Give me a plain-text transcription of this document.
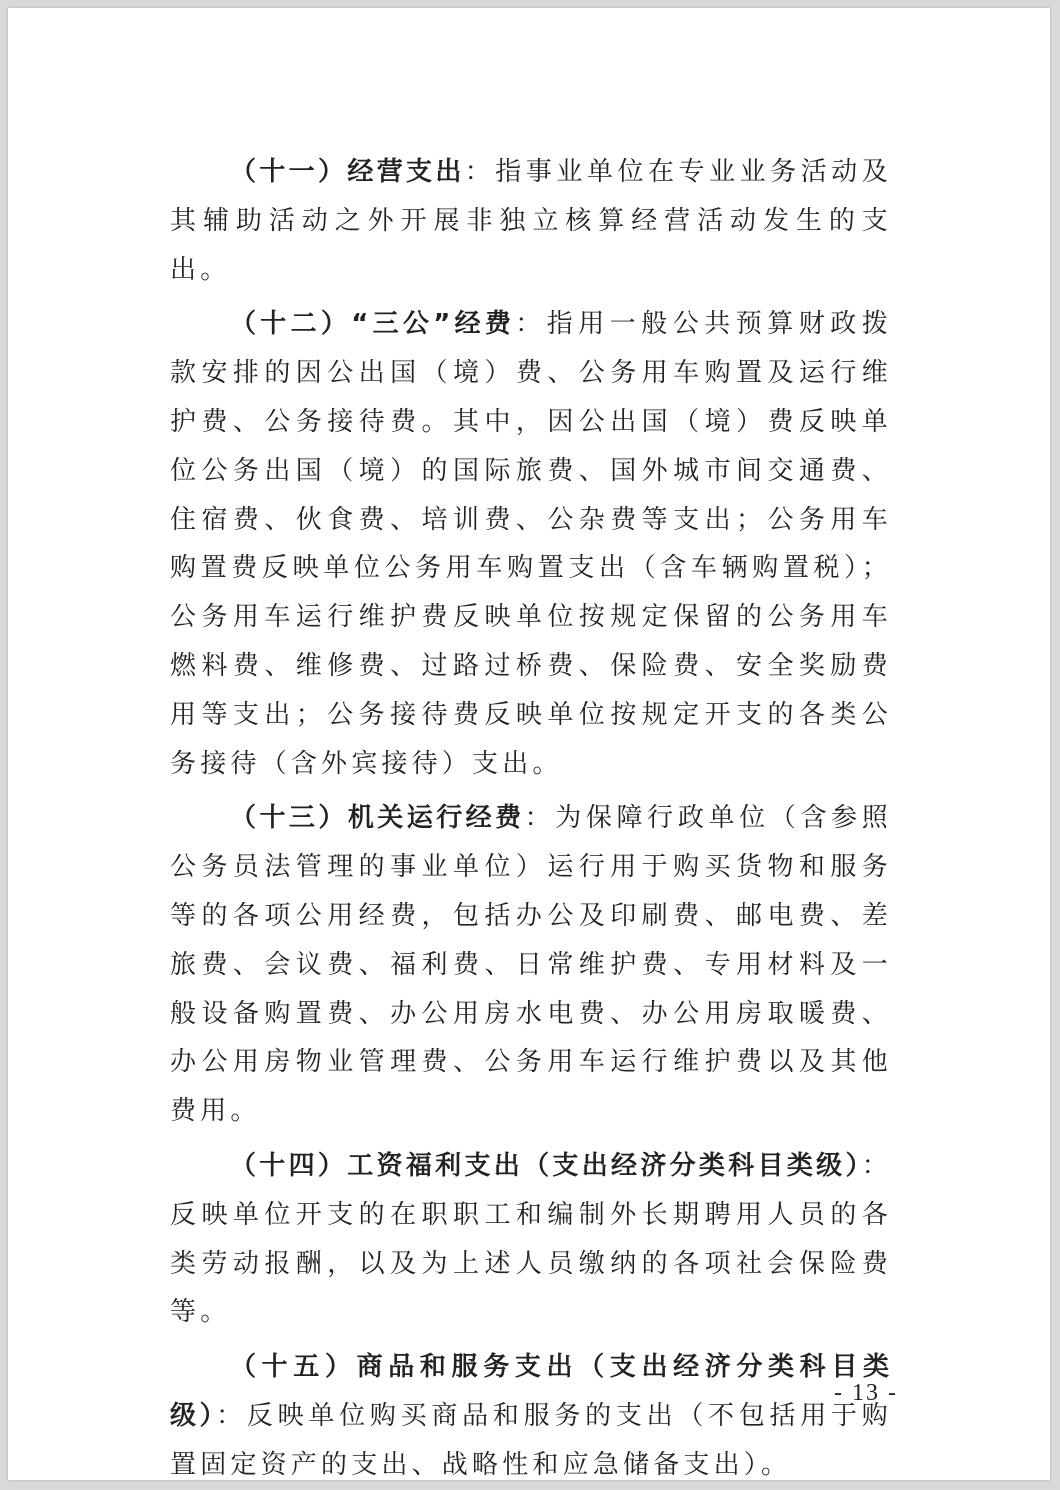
（十一）经营支出：指事业单位在专业业务活动及其辅助活动之外开展非独立核算经营活动发生的支出。

（十二）“三公”经费：指用一般公共预算财政拨款安排的因公出国（境）费、公务用车购置及运行维护费、公务接待费。其中，因公出国（境）费反映单位公务出国（境）的国际旅费、国外城市间交通费、住宿费、伙食费、培训费、公杂费等支出；公务用车购置费反映单位公务用车购置支出（含车辆购置税）；公务用车运行维护费反映单位按规定保留的公务用车燃料费、维修费、过路过桥费、保险费、安全奖励费用等支出；公务接待费反映单位按规定开支的各类公务接待（含外宾接待）支出。

（十三）机关运行经费：为保障行政单位（含参照公务员法管理的事业单位）运行用于购买货物和服务等的各项公用经费，包括办公及印刷费、邮电费、差旅费、会议费、福利费、日常维护费、专用材料及一般设备购置费、办公用房水电费、办公用房取暖费、办公用房物业管理费、公务用车运行维护费以及其他费用。

（十四）工资福利支出（支出经济分类科目类级）：反映单位开支的在职职工和编制外长期聘用人员的各类劳动报酬，以及为上述人员缴纳的各项社会保险费等。

（十五）商品和服务支出（支出经济分类科目类级）：反映单位购买商品和服务的支出（不包括用于购置固定资产的支出、战略性和应急储备支出）。

- 13 -
